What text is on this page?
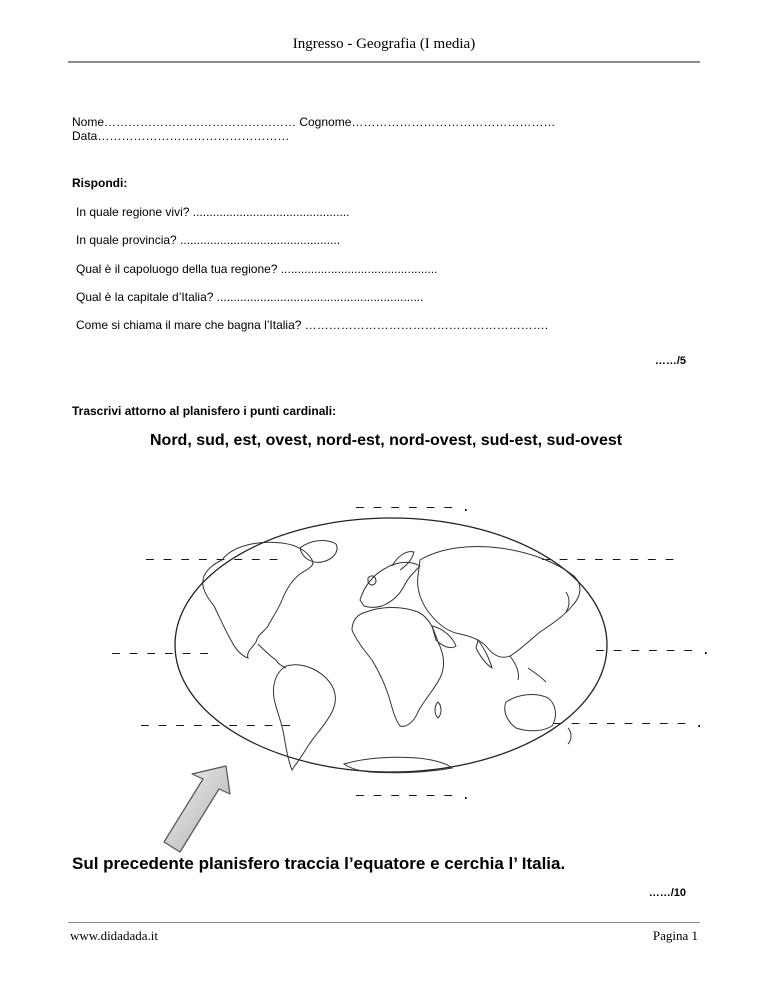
Ingresso - Geografia (I media)
Nome………………………………………… Cognome…………………………………………… Data…………………………………………
Rispondi:
In quale regione vivi? ...............................................
In quale provincia? ................................................
Qual è il capoluogo della tua regione? ...............................................
Qual è la capitale d’Italia? ..............................................................
Come si chiama il mare che bagna l’Italia? …………………………………………………….
……/5
Trascrivi attorno al planisfero i punti cardinali:
Nord, sud, est, ovest, nord-est, nord-ovest, sud-est, sud-ovest
– – – – – – .
– – – – – – – –	– – – – – – – –
– – – – – –	– – – – – – .
– – – – – – – – –	– – – – – – – – .
– – – – – – .
Sul precedente planisfero traccia l’equatore e cerchia l’ Italia.
……/10
www.didadada.it	Pagina 1
